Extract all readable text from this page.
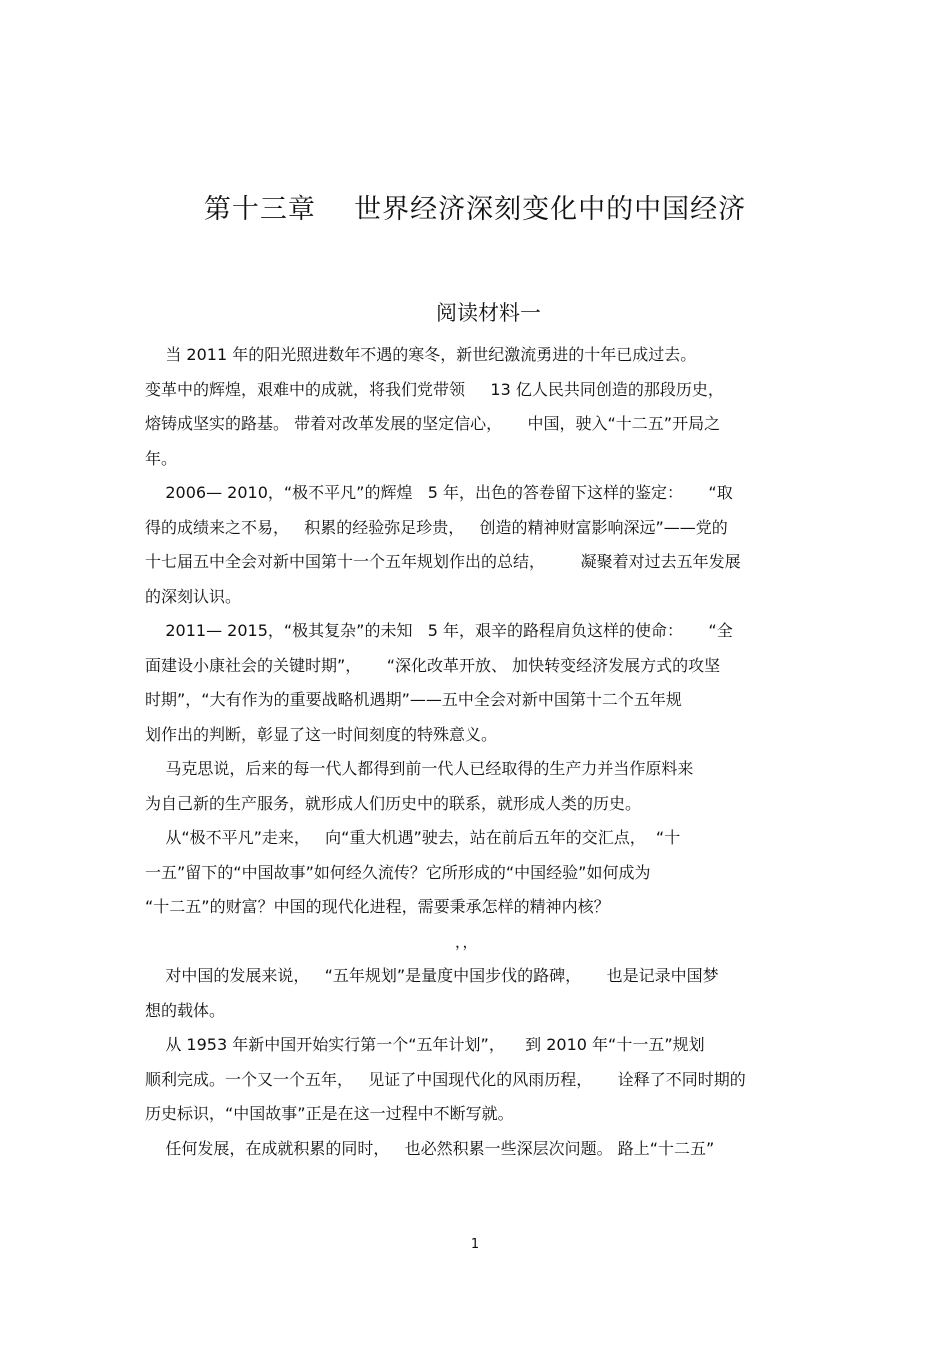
第十三章    世界经济深刻变化中的中国经济
阅读材料一
当 2011 年的阳光照进数年不遇的寒冬，新世纪激流勇进的十年已成过去。
变革中的辉煌，艰难中的成就，将我们党带领     13 亿人民共同创造的那段历史，
熔铸成坚实的路基。 带着对改革发展的坚定信心，     中国，驶入“十二五”开局之
年。
2006— 2010，“极不平凡”的辉煌   5 年，出色的答卷留下这样的鉴定：     “取
得的成绩来之不易，   积累的经验弥足珍贵，   创造的精神财富影响深远”——党的
十七届五中全会对新中国第十一个五年规划作出的总结，       凝聚着对过去五年发展
的深刻认识。
2011— 2015，“极其复杂”的未知   5 年，艰辛的路程肩负这样的使命：     “全
面建设小康社会的关键时期”，     “深化改革开放、 加快转变经济发展方式的攻坚
时期”，“大有作为的重要战略机遇期”——五中全会对新中国第十二个五年规
划作出的判断，彰显了这一时间刻度的特殊意义。
马克思说，后来的每一代人都得到前一代人已经取得的生产力并当作原料来
为自己新的生产服务，就形成人们历史中的联系，就形成人类的历史。
从“极不平凡”走来，   向“重大机遇”驶去，站在前后五年的交汇点，  “十
一五”留下的“中国故事”如何经久流传？它所形成的“中国经验”如何成为
“十二五”的财富？中国的现代化进程，需要秉承怎样的精神内核？
，，
对中国的发展来说，   “五年规划”是量度中国步伐的路碑，     也是记录中国梦
想的载体。
从 1953 年新中国开始实行第一个“五年计划”，    到 2010 年“十一五”规划
顺利完成。一个又一个五年，   见证了中国现代化的风雨历程，     诠释了不同时期的
历史标识，“中国故事”正是在这一过程中不断写就。
任何发展，在成就积累的同时，   也必然积累一些深层次问题。 路上“十二五”
1
